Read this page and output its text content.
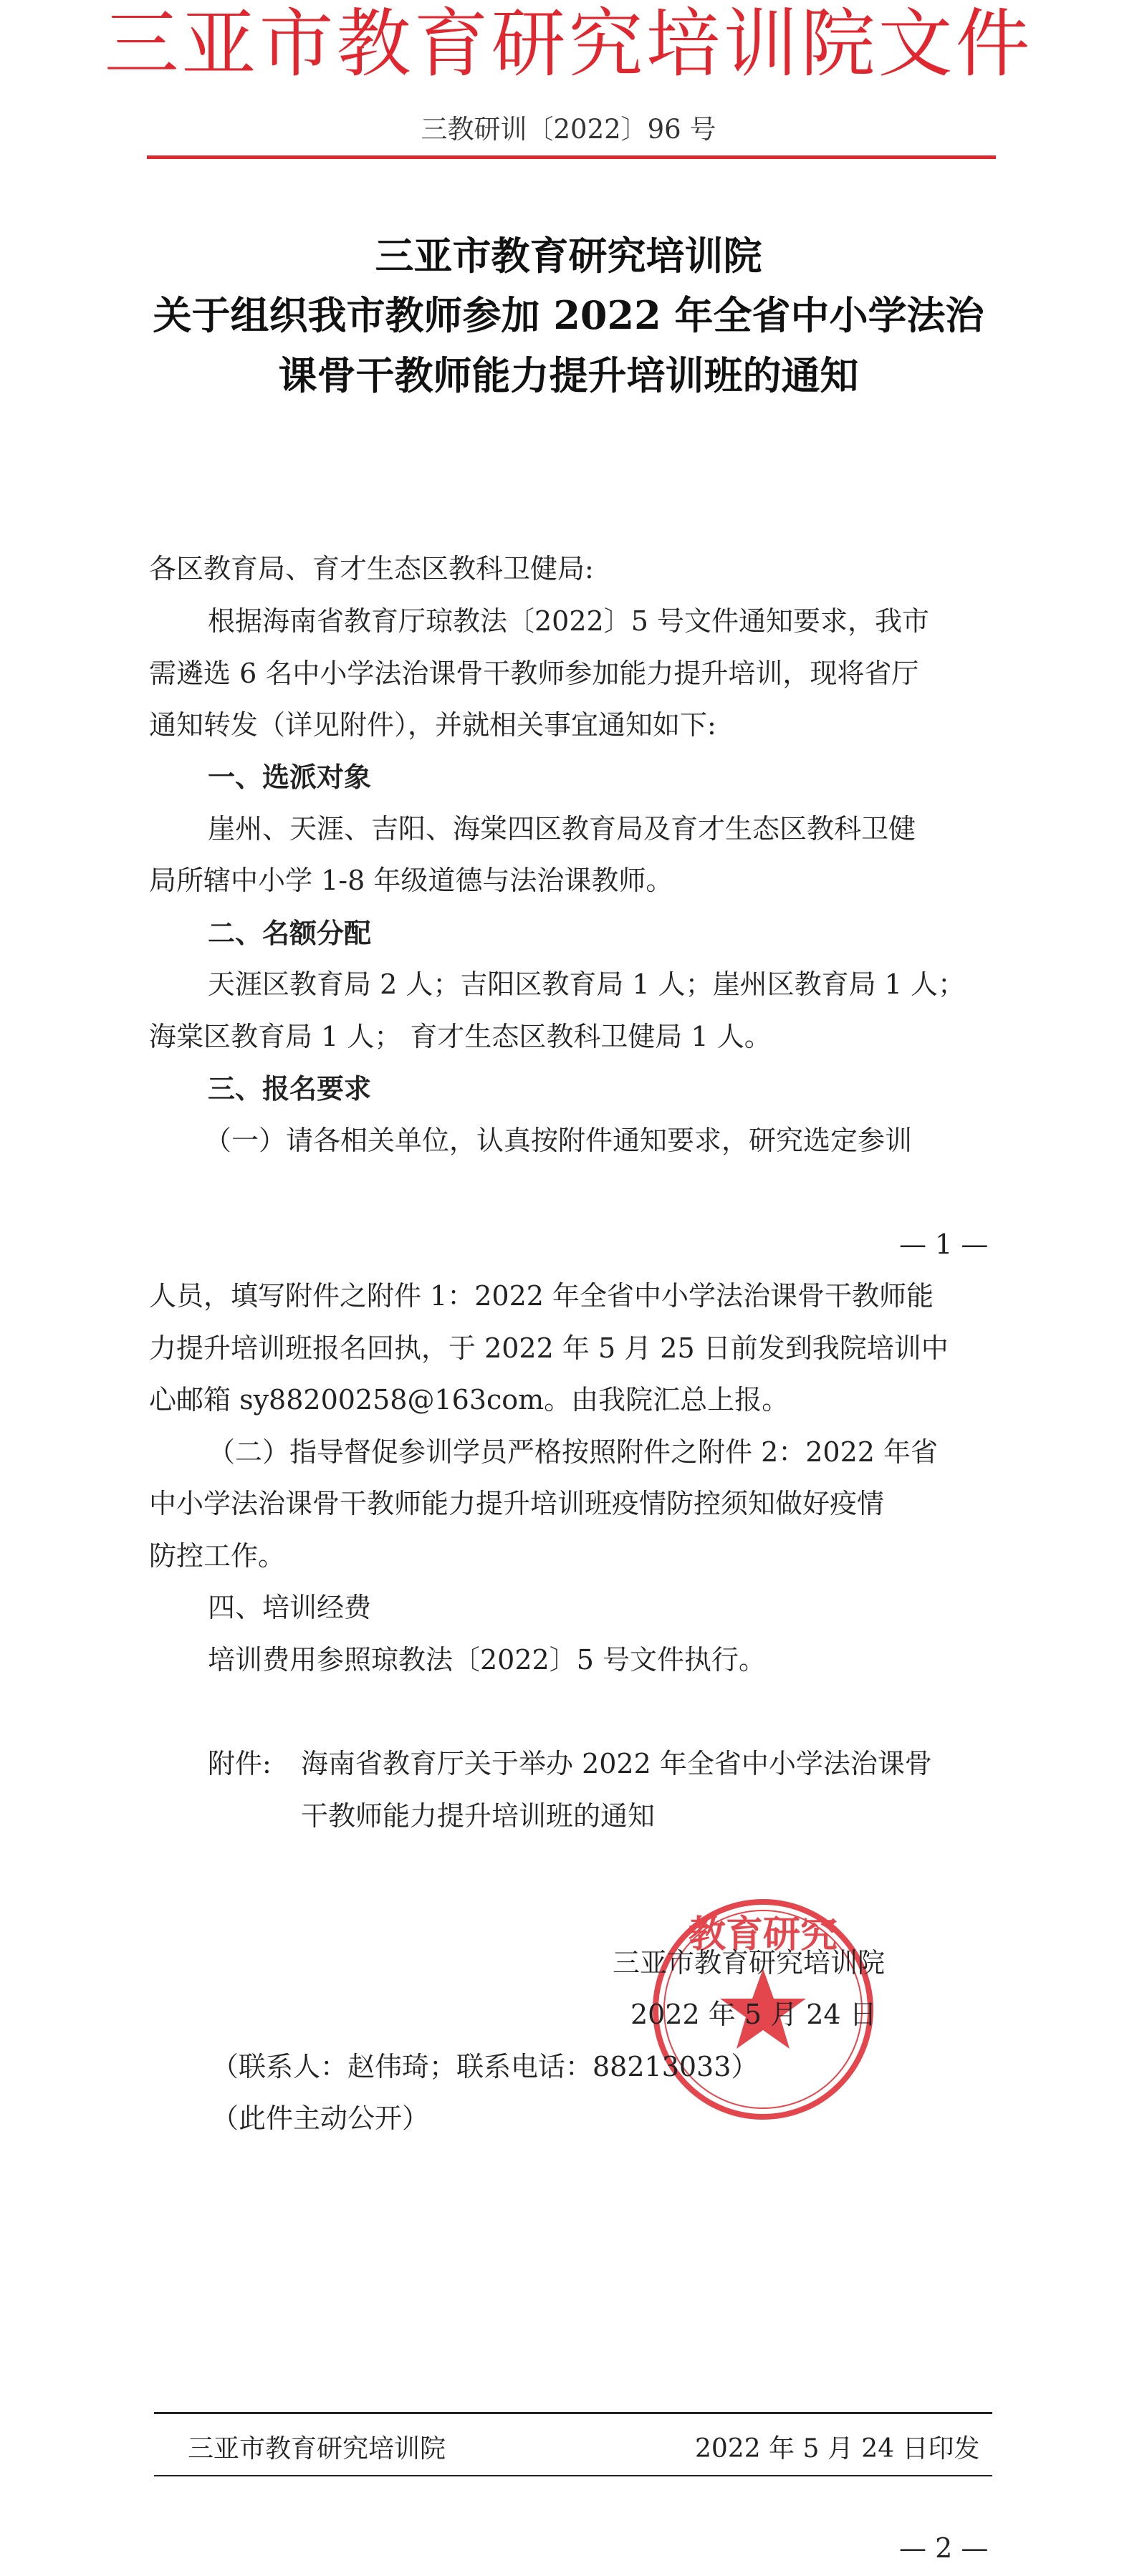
三亚市教育研究培训院文件
三教研训〔2022〕96 号
三亚市教育研究培训院
关于组织我市教师参加 2022 年全省中小学法治
课骨干教师能力提升培训班的通知
各区教育局、育才生态区教科卫健局:
根据海南省教育厅琼教法〔2022〕5 号文件通知要求，我市
需遴选 6 名中小学法治课骨干教师参加能力提升培训，现将省厅
通知转发（详见附件），并就相关事宜通知如下:
一、选派对象
崖州、天涯、吉阳、海棠四区教育局及育才生态区教科卫健
局所辖中小学 1-8 年级道德与法治课教师。
二、名额分配
天涯区教育局 2 人；吉阳区教育局 1 人；崖州区教育局 1 人；
海棠区教育局 1 人； 育才生态区教科卫健局 1 人。
三、报名要求
（一）请各相关单位，认真按附件通知要求，研究选定参训
— 1 —
人员，填写附件之附件 1：2022 年全省中小学法治课骨干教师能
力提升培训班报名回执，于 2022 年 5 月 25 日前发到我院培训中
心邮箱 sy88200258@163com。由我院汇总上报。
（二）指导督促参训学员严格按照附件之附件 2：2022 年省
中小学法治课骨干教师能力提升培训班疫情防控须知做好疫情
防控工作。
四、培训经费
培训费用参照琼教法〔2022〕5 号文件执行。
附件: 海南省教育厅关于举办 2022 年全省中小学法治课骨
干教师能力提升培训班的通知
教育研究
三亚市教育研究培训院
2022 年 5 月 24 日
（联系人：赵伟琦；联系电话：88213033）
（此件主动公开）
三亚市教育研究培训院	2022 年 5 月 24 日印发
— 2 —
